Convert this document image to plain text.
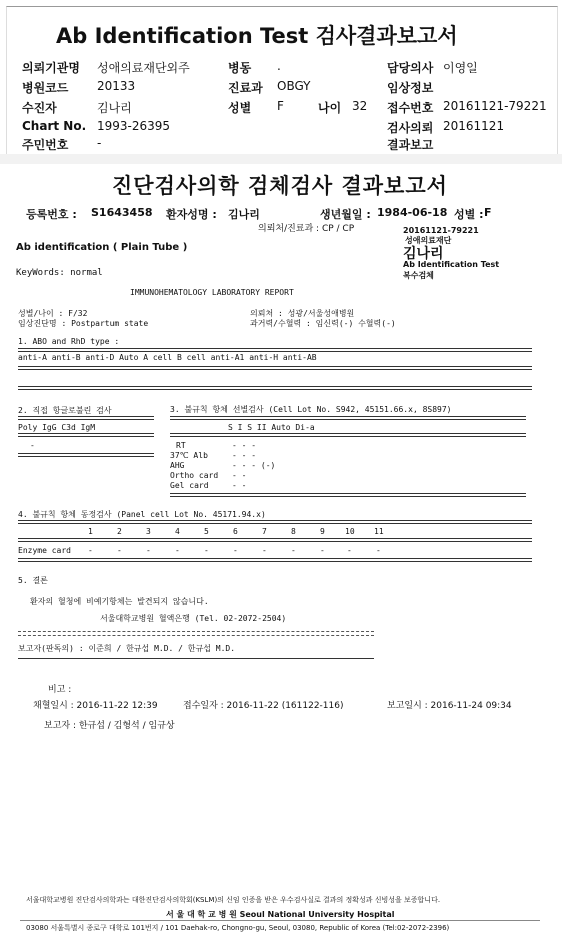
Ab Identification Test 검사결과보고서
의뢰기관명 성애의료재단외주	병동 .	담당의사 이영일
병원코드 20133	진료과 OBGY	임상정보
수진자	김나리	성별 F	나이 32 접수번호 20161121-79221
Chart No. 1993-26395	검사의뢰 20161121
주민번호 -	결과보고
진단검사의학 검체검사 결과보고서
등록번호 : S1643458 환자성명 : 김나리	생년월일 : 1984-06-18 성별 : F
의뢰처/진료과 : CP / CP
Ab identification ( Plain Tube )
20161121-79221
성애의료재단
김나리
Ab Identification Test
복수검체
KeyWords: normal
IMMUNOHEMATOLOGY LABORATORY REPORT
성별/나이 : F/32
임상진단명 : Postpartum state
의뢰처 : 성광/서울성애병원
과거력/수혈력 : 임신력(-) 수혈력(-)
1. ABO and RhD type :
anti-A anti-B anti-D Auto A cell B cell anti-A1 anti-H anti-AB
2. 직접 항글로불린 검사	3. 불규칙 항체 선별검사 (Cell Lot No. S942, 45151.66.x, 8S897)
Poly IgG C3d IgM	S I S II Auto Di-a
-	RT	- - -
37℃ Alb	- - -
AHG	- - - (-)
Ortho card - -
Gel card	- -
4. 불규칙 항체 동정검사 (Panel cell Lot No. 45171.94.x)
1	2	3	4	5	6	7	8	9	10 11
Enzyme card -	-	-	-	-	-	-	-	-	-	-
5. 결론
환자의 혈청에 비예기항체는 발견되지 않습니다.
서울대학교병원 혈액은행 (Tel. 02-2072-2504)
보고자(판독의) : 이준희 / 한규섭 M.D. / 한규섭 M.D.
비고 :
채혈일시 : 2016-11-22 12:39	접수일자 : 2016-11-22 (161122-116)	보고일시 : 2016-11-24 09:34
보고자 : 한규섭 / 김형석 / 임규상
서울대학교병원 진단검사의학과는 대한진단검사의학회(KSLM)의 신임 인증을 받은 우수검사실로 결과의 정확성과 신빙성을 보증합니다.
서 울 대 학 교 병 원 Seoul National University Hospital
03080 서울특별시 종로구 대학로 101번지 / 101 Daehak-ro, Chongno-gu, Seoul, 03080, Republic of Korea (Tel:02-2072-2396)
